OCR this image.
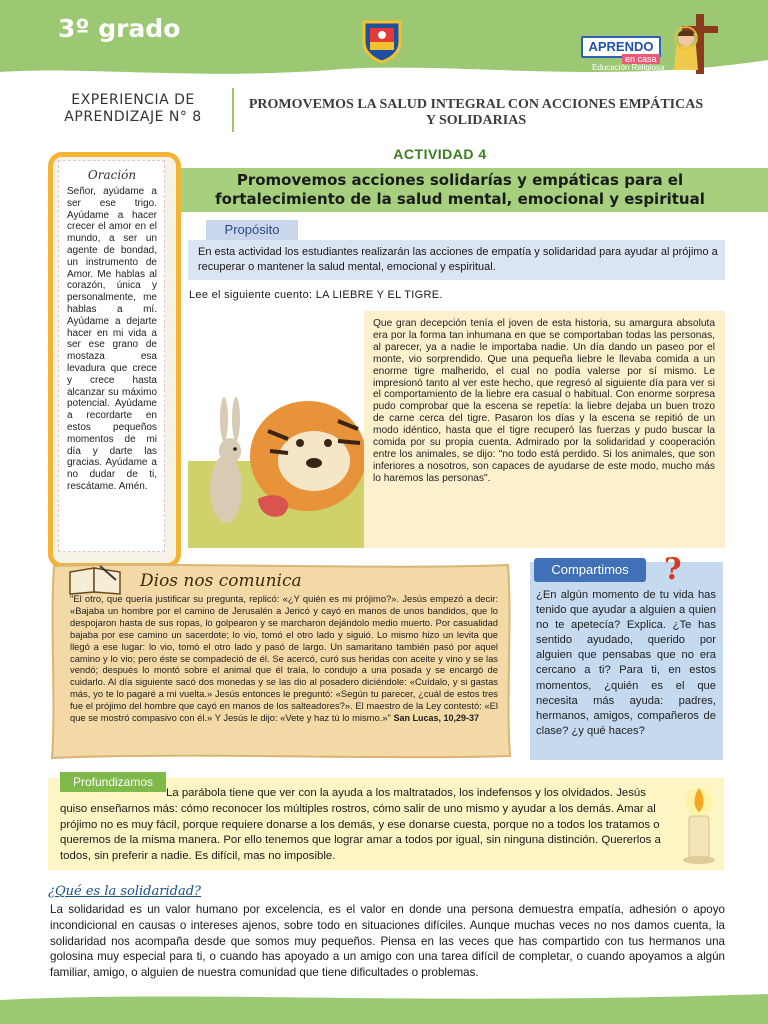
3º grado
APRENDO
en casa
Educación Religiosa
EXPERIENCIA DE APRENDIZAJE N° 8
PROMOVEMOS LA SALUD INTEGRAL CON ACCIONES EMPÁTICAS Y SOLIDARIAS
ACTIVIDAD 4
Promovemos acciones solidarías y empáticas para el fortalecimiento de la salud mental, emocional y espiritual
Oración
Señor, ayúdame a ser ese trigo. Ayúdame a hacer crecer el amor en el mundo, a ser un agente de bondad, un instrumento de Amor. Me hablas al corazón, única y personalmente, me hablas a mí. Ayúdame a dejarte hacer en mi vida a ser ese grano de mostaza esa levadura que crece y crece hasta alcanzar su máximo potencial. Ayúdame a recordarte en estos pequeños momentos de mi día y darte las gracias. Ayúdame a no dudar de ti, rescátame. Amén.
Propósito
En esta actividad los estudiantes realizarán las acciones de empatía y solidaridad para ayudar al prójimo a recuperar o mantener la salud mental, emocional y espiritual.
Lee el siguiente cuento: LA LIEBRE Y EL TIGRE.
Que gran decepción tenía el joven de esta historia, su amargura absoluta era por la forma tan inhumana en que se comportaban todas las personas, al parecer, ya a nadie le importaba nadie. Un día dando un paseo por el monte, vio sorprendido. Que una pequeña liebre le llevaba comida a un enorme tigre malherido, el cual no podía valerse por sí mismo. Le impresionó tanto al ver este hecho, que regresó al siguiente día para ver si el comportamiento de la liebre era casual o habitual. Con enorme sorpresa pudo comprobar que la escena se repetía: la liebre dejaba un buen trozo de carne cerca del tigre. Pasaron los días y la escena se repitió de un modo idéntico, hasta que el tigre recuperó las fuerzas y pudo buscar la comida por su propia cuenta. Admirado por la solidaridad y cooperación entre los animales, se dijo: "no todo está perdido. Si los animales, que son inferiores a nosotros, son capaces de ayudarse de este modo, mucho más lo haremos las personas".
Dios nos comunica
"El otro, que quería justificar su pregunta, replicó: «¿Y quién es mi prójimo?». Jesús empezó a decir: «Bajaba un hombre por el camino de Jerusalén a Jericó y cayó en manos de unos bandidos, que lo despojaron hasta de sus ropas, lo golpearon y se marcharon dejándolo medio muerto. Por casualidad bajaba por ese camino un sacerdote; lo vio, tomó el otro lado y siguió. Lo mismo hizo un levita que llegó a ese lugar: lo vio, tomó el otro lado y pasó de largo. Un samaritano también pasó por aquel camino y lo vio; pero éste se compadeció de él. Se acercó, curó sus heridas con aceite y vino y se las vendó; después lo montó sobre el animal que él traía, lo condujo a una posada y se encargó de cuidarlo. Al día siguiente sacó dos monedas y se las dio al posadero diciéndole: «Cuídalo, y si gastas más, yo te lo pagaré a mi vuelta.» Jesús entonces le preguntó: «Según tu parecer, ¿cuál de estos tres fue el prójimo del hombre que cayó en manos de los salteadores?». El maestro de la Ley contestó: «El que se mostró compasivo con él.» Y Jesús le dijo: «Vete y haz tú lo mismo.»" San Lucas, 10,29-37
Compartimos	?
¿En algún momento de tu vida has tenido que ayudar a alguien a quien no te apetecía? Explica. ¿Te has sentido ayudado, querido por alguien que pensabas que no era cercano a ti? Para ti, en estos momentos, ¿quién es el que necesita más ayuda: padres, hermanos, amigos, compañeros de clase? ¿y qué haces?
Profundizamos
La parábola tiene que ver con la ayuda a los maltratados, los indefensos y los olvidados. Jesús quiso enseñarnos más: cómo reconocer los múltiples rostros, cómo salir de uno mismo y ayudar a los demás. Amar al prójimo no es muy fácil, porque requiere donarse a los demás, y ese donarse cuesta, porque no a todos los tratamos o queremos de la misma manera. Por ello tenemos que lograr amar a todos por igual, sin ninguna distinción. Quererlos a todos, sin preferir a nadie. Es difícil, mas no imposible.
¿Qué es la solidaridad?
La solidaridad es un valor humano por excelencia, es el valor en donde una persona demuestra empatía, adhesión o apoyo incondicional en causas o intereses ajenos, sobre todo en situaciones difíciles. Aunque muchas veces no nos damos cuenta, la solidaridad nos acompaña desde que somos muy pequeños. Piensa en las veces que has compartido con tus hermanos una golosina muy especial para ti, o cuando has apoyado a un amigo con una tarea difícil de completar, o cuando apoyamos a algún familiar, amigo, o alguien de nuestra comunidad que tiene dificultades o problemas.
